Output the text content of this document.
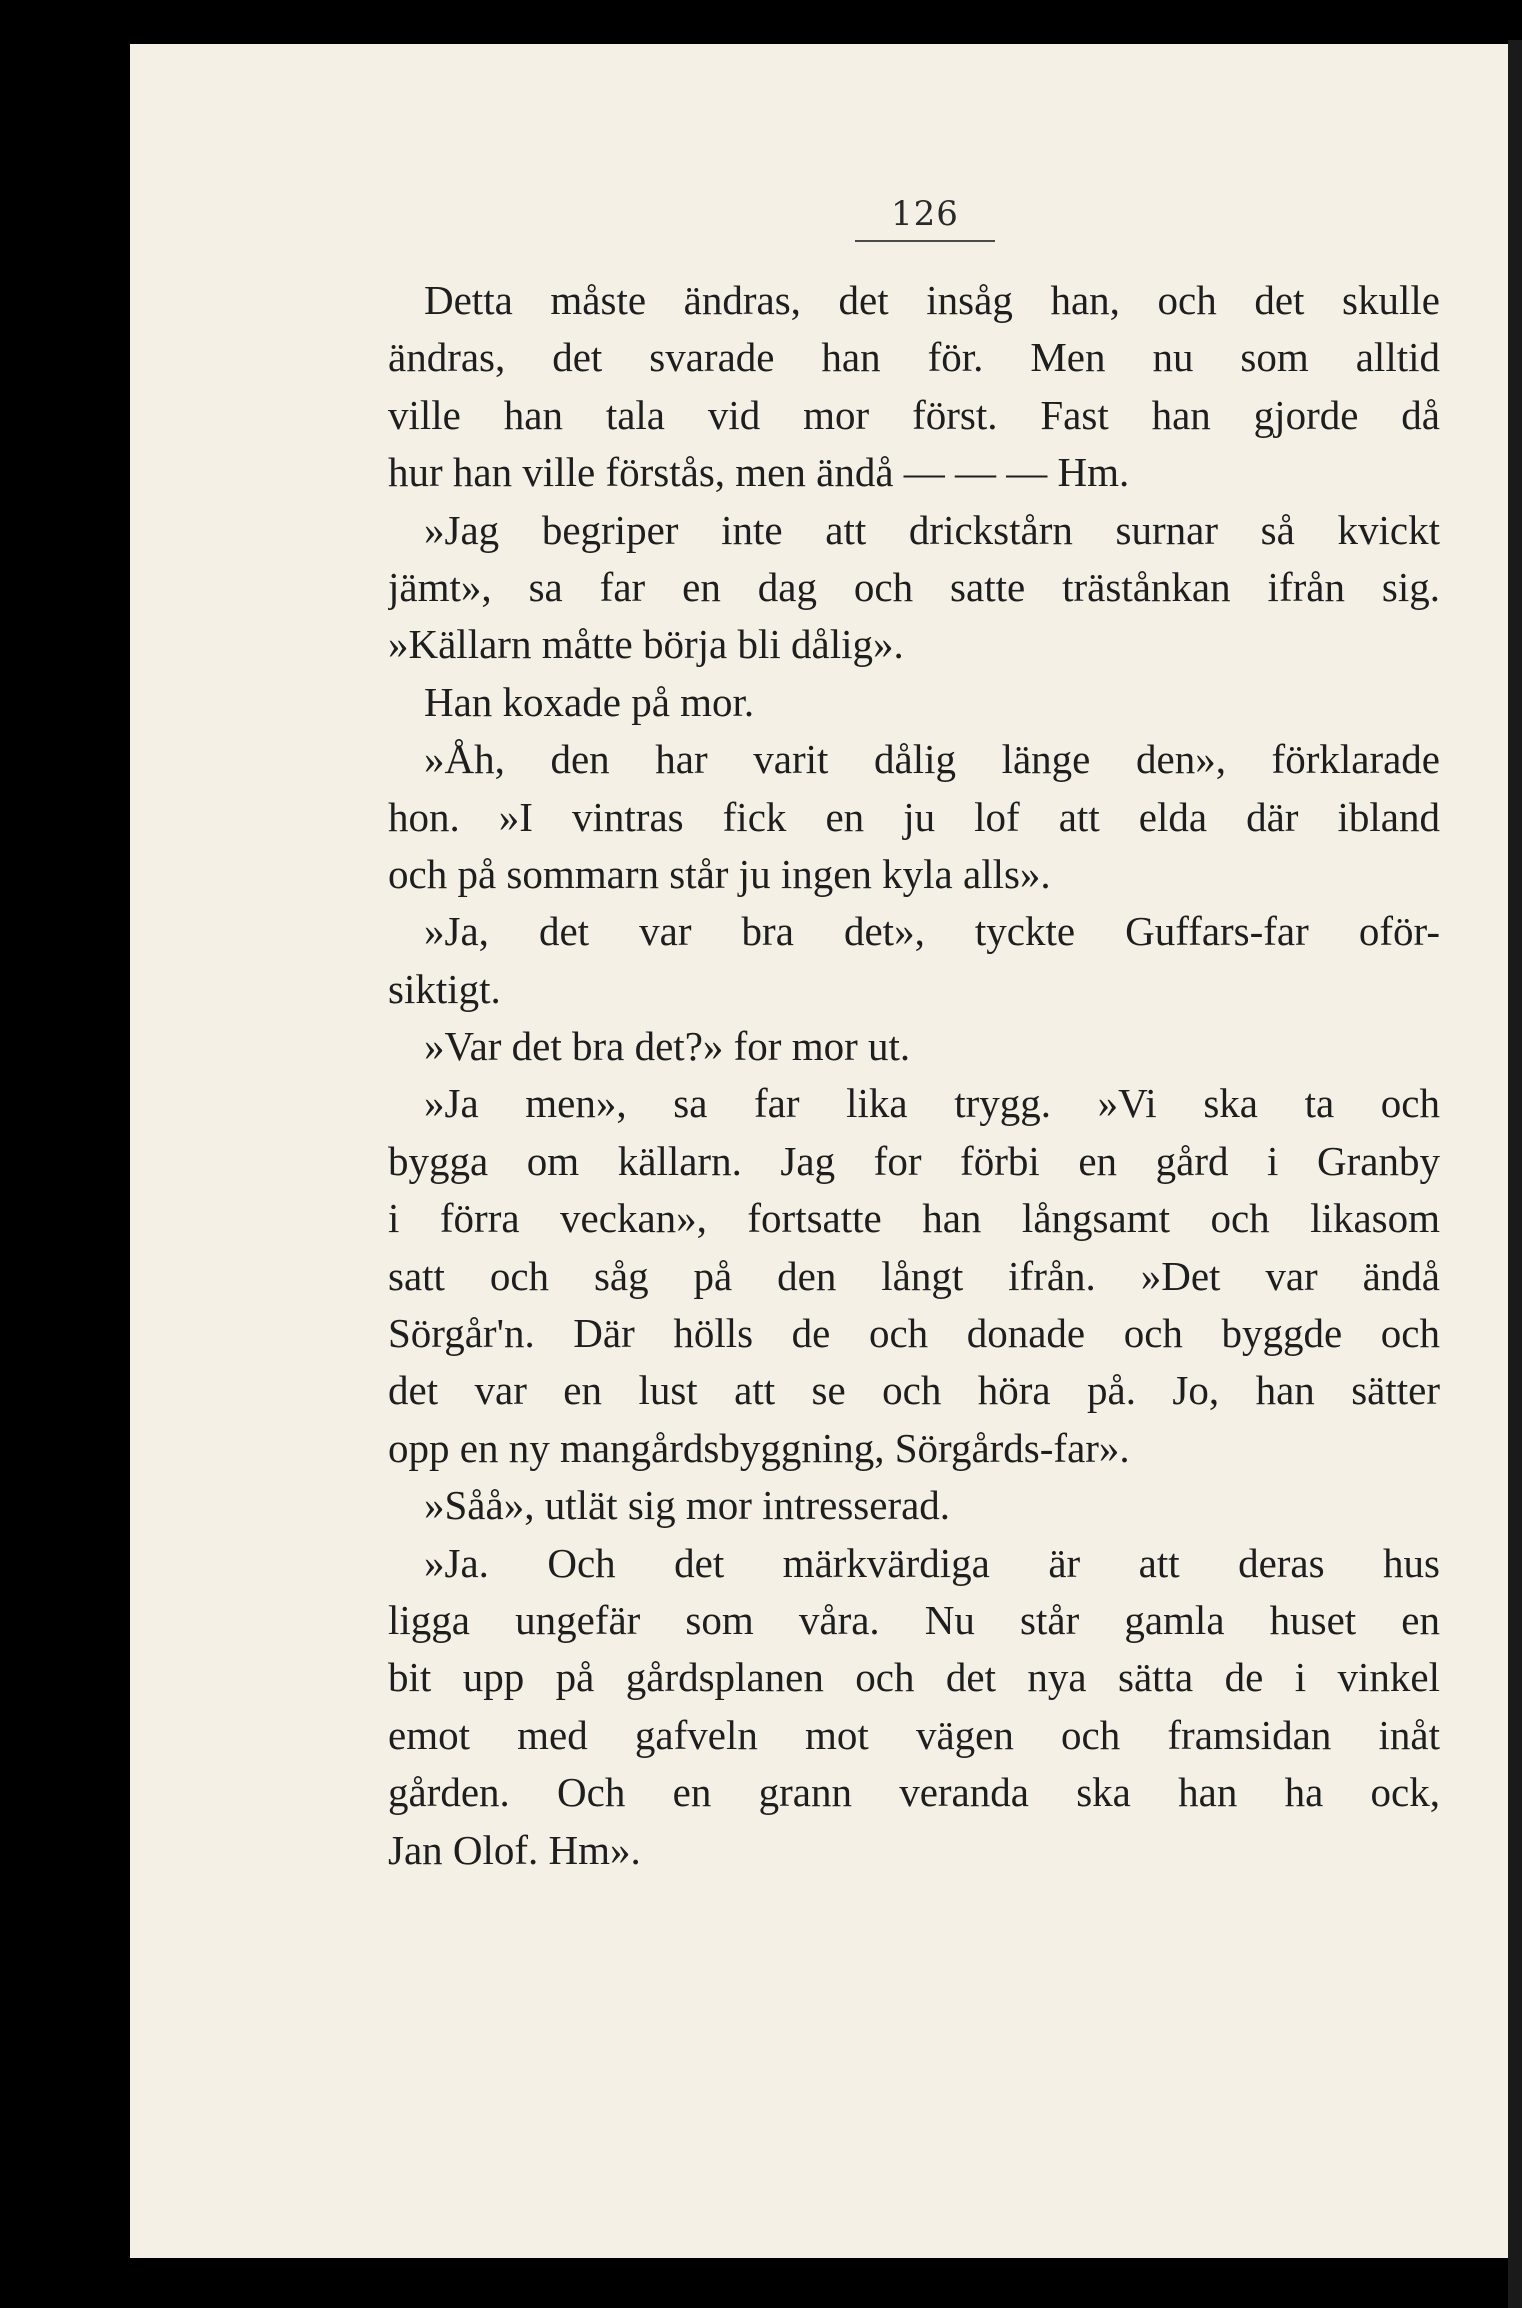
126
Detta måste ändras, det insåg han, och det skulle
ändras, det svarade han för. Men nu som alltid
ville han tala vid mor först. Fast han gjorde då
hur han ville förstås, men ändå — — — Hm.
»Jag begriper inte att drickstårn surnar så kvickt
jämt», sa far en dag och satte trästånkan ifrån sig.
»Källarn måtte börja bli dålig».
Han koxade på mor.
»Åh, den har varit dålig länge den», förklarade
hon. »I vintras fick en ju lof att elda där ibland
och på sommarn står ju ingen kyla alls».
»Ja, det var bra det», tyckte Guffars-far oför-
siktigt.
»Var det bra det?» for mor ut.
»Ja men», sa far lika trygg. »Vi ska ta och
bygga om källarn. Jag for förbi en gård i Granby
i förra veckan», fortsatte han långsamt och likasom
satt och såg på den långt ifrån. »Det var ändå
Sörgår'n. Där hölls de och donade och byggde och
det var en lust att se och höra på. Jo, han sätter
opp en ny mangårdsbyggning, Sörgårds-far».
»Såå», utlät sig mor intresserad.
»Ja. Och det märkvärdiga är att deras hus
ligga ungefär som våra. Nu står gamla huset en
bit upp på gårdsplanen och det nya sätta de i vinkel
emot med gafveln mot vägen och framsidan inåt
gården. Och en grann veranda ska han ha ock,
Jan Olof. Hm».
